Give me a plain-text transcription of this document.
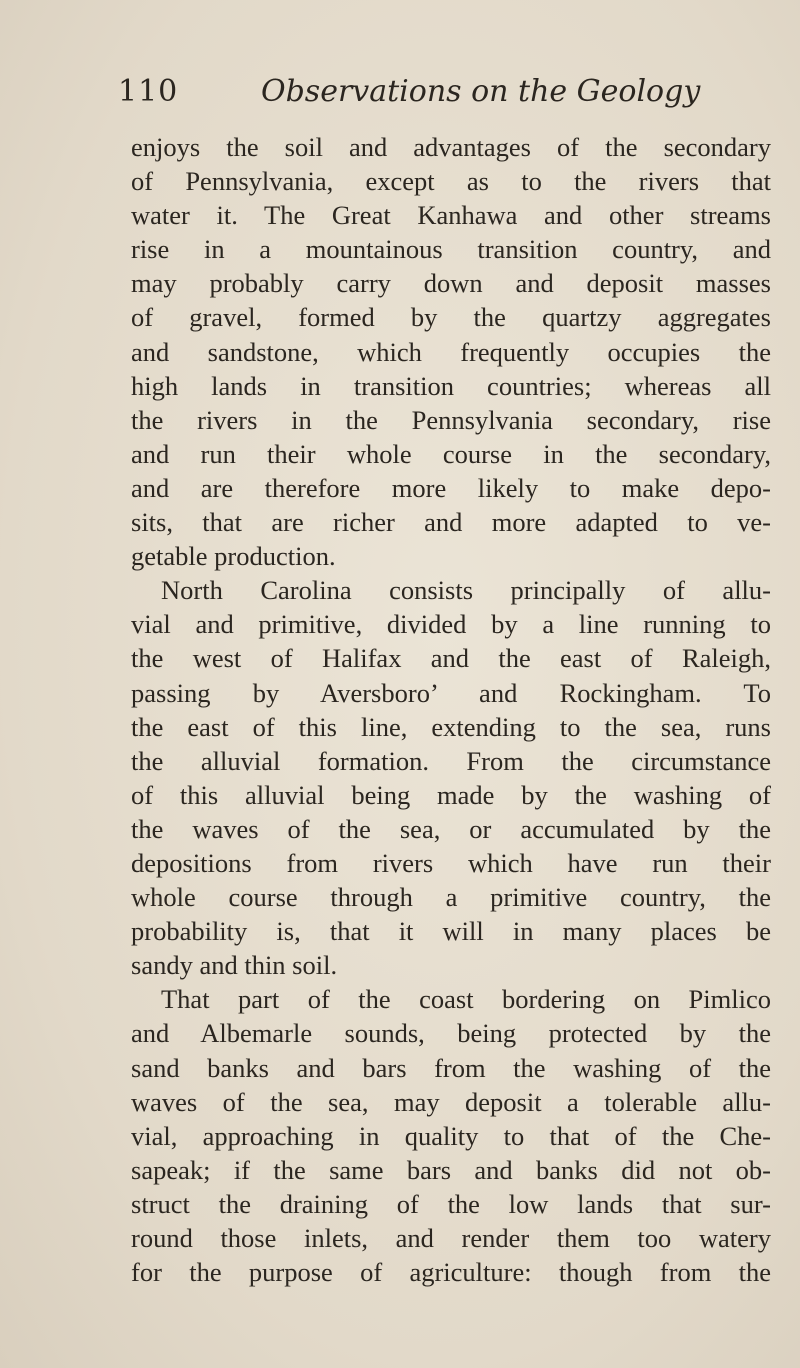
110	Observations on the Geology
enjoys the soil and advantages of the secondary
of Pennsylvania, except as to the rivers that
water it. The Great Kanhawa and other streams
rise in a mountainous transition country, and
may probably carry down and deposit masses
of gravel, formed by the quartzy aggregates
and sandstone, which frequently occupies the
high lands in transition countries; whereas all
the rivers in the Pennsylvania secondary, rise
and run their whole course in the secondary,
and are therefore more likely to make depo-
sits, that are richer and more adapted to ve-
getable production.
North Carolina consists principally of allu-
vial and primitive, divided by a line running to
the west of Halifax and the east of Raleigh,
passing by Aversboro’ and Rockingham. To
the east of this line, extending to the sea, runs
the alluvial formation. From the circumstance
of this alluvial being made by the washing of
the waves of the sea, or accumulated by the
depositions from rivers which have run their
whole course through a primitive country, the
probability is, that it will in many places be
sandy and thin soil.
That part of the coast bordering on Pimlico
and Albemarle sounds, being protected by the
sand banks and bars from the washing of the
waves of the sea, may deposit a tolerable allu-
vial, approaching in quality to that of the Che-
sapeak; if the same bars and banks did not ob-
struct the draining of the low lands that sur-
round those inlets, and render them too watery
for the purpose of agriculture: though from the
